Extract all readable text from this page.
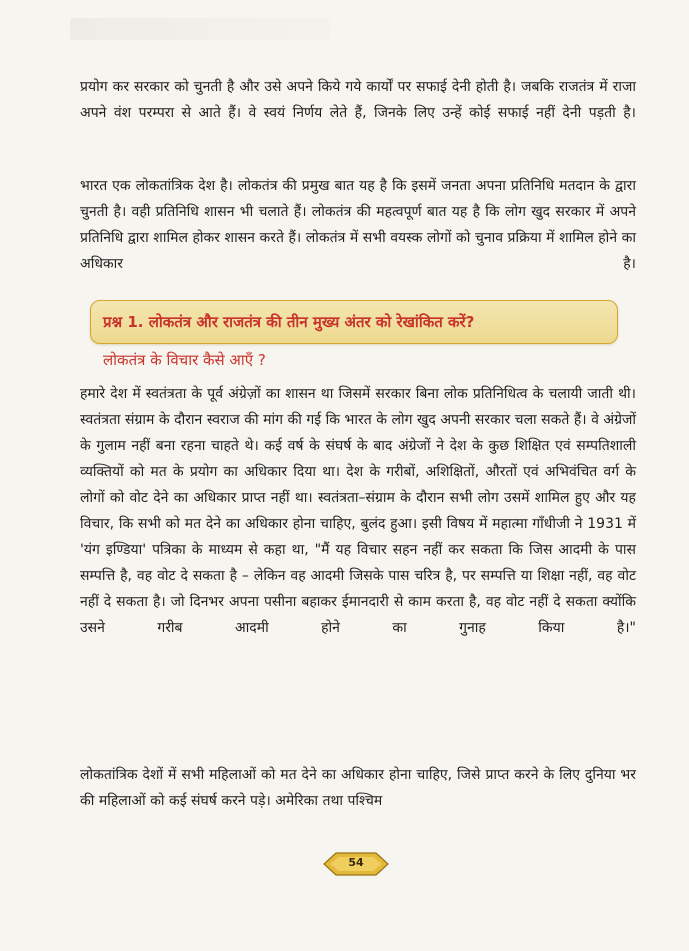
प्रयोग कर सरकार को चुनती है और उसे अपने किये गये कार्यों पर सफाई देनी होती है। जबकि राजतंत्र में राजा अपने वंश परम्परा से आते हैं। वे स्वयं निर्णय लेते हैं, जिनके लिए उन्हें कोई सफाई नहीं देनी पड़ती है।

भारत एक लोकतांत्रिक देश है। लोकतंत्र की प्रमुख बात यह है कि इसमें जनता अपना प्रतिनिधि मतदान के द्वारा चुनती है। वही प्रतिनिधि शासन भी चलाते हैं। लोकतंत्र की महत्वपूर्ण बात यह है कि लोग खुद सरकार में अपने प्रतिनिधि द्वारा शामिल होकर शासन करते हैं। लोकतंत्र में सभी वयस्क लोगों को चुनाव प्रक्रिया में शामिल होने का अधिकार है।

प्रश्न 1. लोकतंत्र और राजतंत्र की तीन मुख्य अंतर को रेखांकित करें?
लोकतंत्र के विचार कैसे आएँ ?

हमारे देश में स्वतंत्रता के पूर्व अंग्रेज़ों का शासन था जिसमें सरकार बिना लोक प्रतिनिधित्व के चलायी जाती थी। स्वतंत्रता संग्राम के दौरान स्वराज की मांग की गई कि भारत के लोग खुद अपनी सरकार चला सकते हैं। वे अंग्रेजों के गुलाम नहीं बना रहना चाहते थे। कई वर्ष के संघर्ष के बाद अंग्रेजों ने देश के कुछ शिक्षित एवं सम्पतिशाली व्यक्तियों को मत के प्रयोग का अधिकार दिया था। देश के गरीबों, अशिक्षितों, औरतों एवं अभिवंचित वर्ग के लोगों को वोट देने का अधिकार प्राप्त नहीं था। स्वतंत्रता–संग्राम के दौरान सभी लोग उसमें शामिल हुए और यह विचार, कि सभी को मत देने का अधिकार होना चाहिए, बुलंद हुआ। इसी विषय में महात्मा गाँधीजी ने 1931 में 'यंग इण्डिया' पत्रिका के माध्यम से कहा था, "मैं यह विचार सहन नहीं कर सकता कि जिस आदमी के पास सम्पत्ति है, वह वोट दे सकता है – लेकिन वह आदमी जिसके पास चरित्र है, पर सम्पत्ति या शिक्षा नहीं, वह वोट नहीं दे सकता है। जो दिनभर अपना पसीना बहाकर ईमानदारी से काम करता है, वह वोट नहीं दे सकता क्योंकि उसने गरीब आदमी होने का गुनाह किया है।"

लोकतांत्रिक देशों में सभी महिलाओं को मत देने का अधिकार होना चाहिए, जिसे प्राप्त करने के लिए दुनिया भर की महिलाओं को कई संघर्ष करने पड़े। अमेरिका तथा पश्चिम

54
